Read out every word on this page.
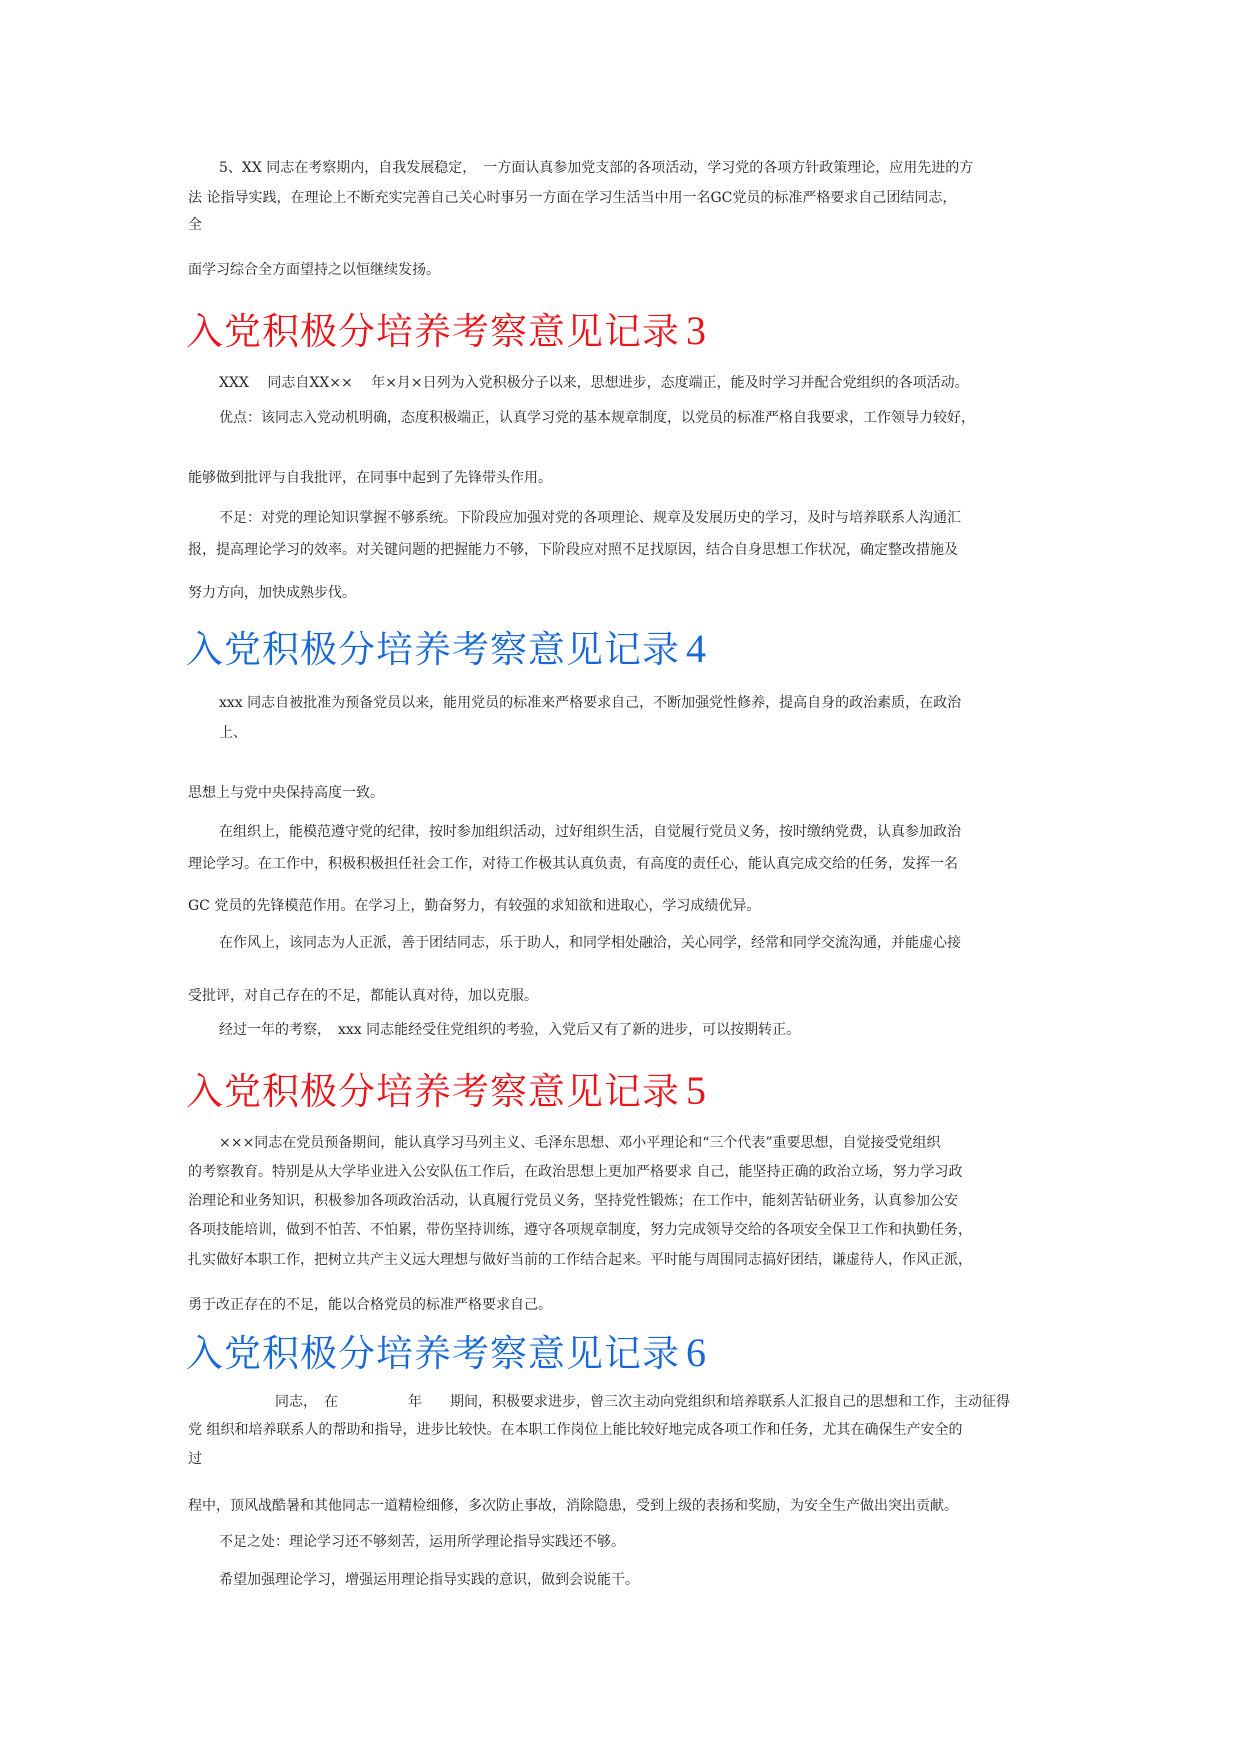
5、XX 同志在考察期内，自我发展稳定，　一方面认真参加党支部的各项活动，学习党的各项方针政策理论，应用先进的方
法 论指导实践，在理论上不断充实完善自己关心时事另一方面在学习生活当中用一名GC党员的标准严格要求自己团结同志，
全
面学习综合全方面望持之以恒继续发扬。
入党积极分培养考察意见记录 3
XXX　 同志自XX××　 年×月×日列为入党积极分子以来，思想进步，态度端正，能及时学习并配合党组织的各项活动。
优点：该同志入党动机明确，态度积极端正，认真学习党的基本规章制度，以党员的标准严格自我要求，工作领导力较好，
能够做到批评与自我批评，在同事中起到了先锋带头作用。
不足：对党的理论知识掌握不够系统。下阶段应加强对党的各项理论、规章及发展历史的学习，及时与培养联系人沟通汇
报，提高理论学习的效率。对关键问题的把握能力不够，下阶段应对照不足找原因，结合自身思想工作状况，确定整改措施及
努力方向，加快成熟步伐。
入党积极分培养考察意见记录 4
xxx 同志自被批准为预备党员以来，能用党员的标准来严格要求自己，不断加强党性修养，提高自身的政治素质，在政治
上、
思想上与党中央保持高度一致。
在组织上，能模范遵守党的纪律，按时参加组织活动，过好组织生活，自觉履行党员义务，按时缴纳党费，认真参加政治
理论学习。在工作中，积极积极担任社会工作，对待工作极其认真负责，有高度的责任心，能认真完成交给的任务，发挥一名
GC 党员的先锋模范作用。在学习上，勤奋努力，有较强的求知欲和进取心，学习成绩优异。
在作风上，该同志为人正派，善于团结同志，乐于助人，和同学相处融洽，关心同学，经常和同学交流沟通，并能虚心接
受批评，对自己存在的不足，都能认真对待，加以克服。
经过一年的考察，　xxx 同志能经受住党组织的考验，入党后又有了新的进步，可以按期转正。
入党积极分培养考察意见记录 5
×××同志在党员预备期间，能认真学习马列主义、毛泽东思想、邓小平理论和“三个代表”重要思想，自觉接受党组织
的考察教育。特别是从大学毕业进入公安队伍工作后，在政治思想上更加严格要求 自己，能坚持正确的政治立场，努力学习政
治理论和业务知识，积极参加各项政治活动，认真履行党员义务，坚持党性锻炼；在工作中，能刻苦钻研业务，认真参加公安
各项技能培训，做到不怕苦、不怕累，带伤坚持训练，遵守各项规章制度，努力完成领导交给的各项安全保卫工作和执勤任务，
扎实做好本职工作，把树立共产主义远大理想与做好当前的工作结合起来。平时能与周围同志搞好团结，谦虚待人，作风正派，
勇于改正存在的不足，能以合格党员的标准严格要求自己。
入党积极分培养考察意见记录 6
　　　　同志，　在　　　　　年　　期间，积极要求进步，曾三次主动向党组织和培养联系人汇报自己的思想和工作，主动征得
党 组织和培养联系人的帮助和指导，进步比较快。在本职工作岗位上能比较好地完成各项工作和任务，尤其在确保生产安全的
过
程中，顶风战酷暑和其他同志一道精检细修，多次防止事故，消除隐患，受到上级的表扬和奖励，为安全生产做出突出贡献。
不足之处：理论学习还不够刻苦，运用所学理论指导实践还不够。
希望加强理论学习，增强运用理论指导实践的意识，做到会说能干。
